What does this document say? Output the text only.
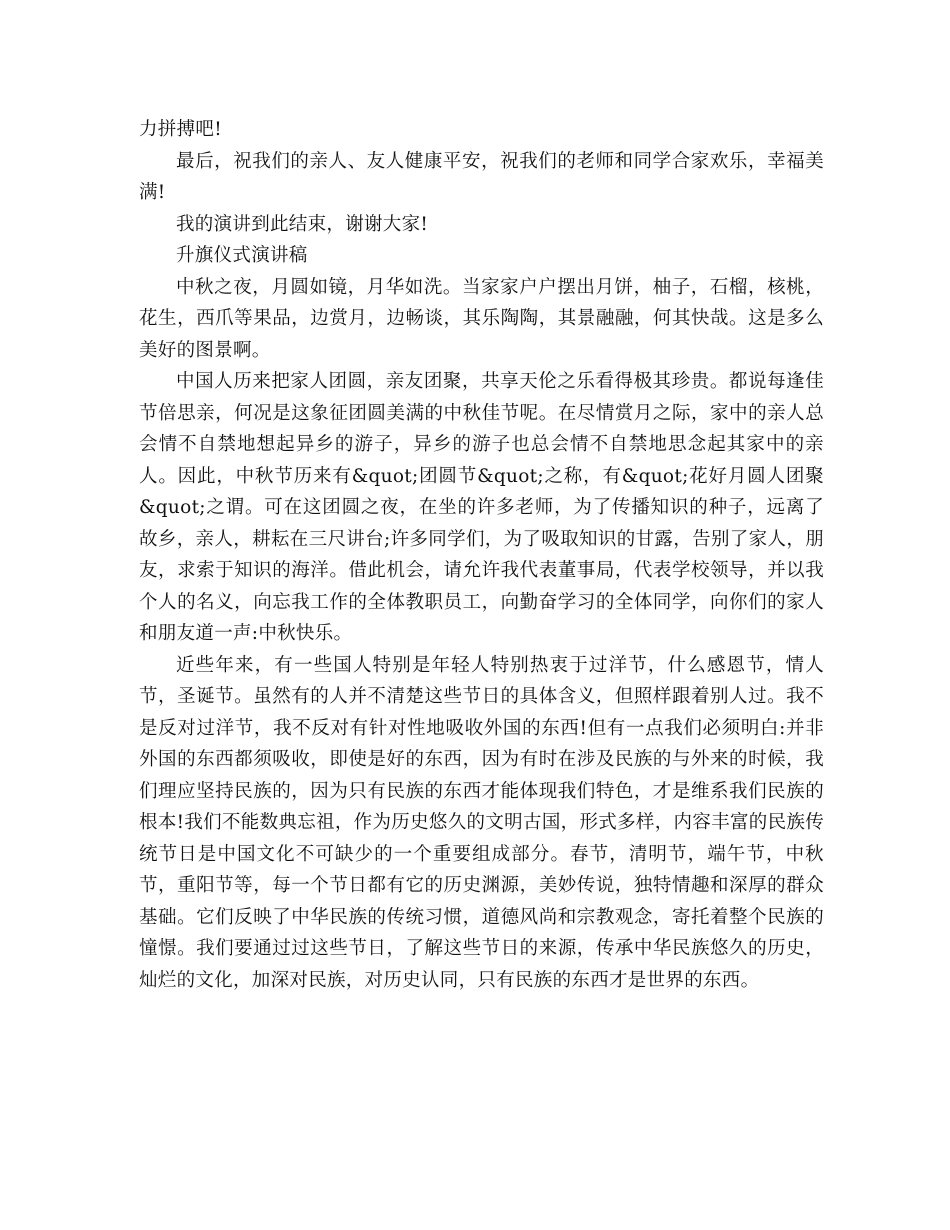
力拼搏吧!

最后，祝我们的亲人、友人健康平安，祝我们的老师和同学合家欢乐，幸福美满!

我的演讲到此结束，谢谢大家!

升旗仪式演讲稿

中秋之夜，月圆如镜，月华如洗。当家家户户摆出月饼，柚子，石榴，核桃，花生，西爪等果品，边赏月，边畅谈，其乐陶陶，其景融融，何其快哉。这是多么美好的图景啊。

中国人历来把家人团圆，亲友团聚，共享天伦之乐看得极其珍贵。都说每逢佳节倍思亲，何况是这象征团圆美满的中秋佳节呢。在尽情赏月之际，家中的亲人总会情不自禁地想起异乡的游子，异乡的游子也总会情不自禁地思念起其家中的亲人。因此，中秋节历来有&quot;团圆节&quot;之称，有&quot;花好月圆人团聚&quot;之谓。可在这团圆之夜，在坐的许多老师，为了传播知识的种子，远离了故乡，亲人，耕耘在三尺讲台;许多同学们，为了吸取知识的甘露，告别了家人，朋友，求索于知识的海洋。借此机会，请允许我代表董事局，代表学校领导，并以我个人的名义，向忘我工作的全体教职员工，向勤奋学习的全体同学，向你们的家人和朋友道一声:中秋快乐。

近些年来，有一些国人特别是年轻人特别热衷于过洋节，什么感恩节，情人节，圣诞节。虽然有的人并不清楚这些节日的具体含义，但照样跟着别人过。我不是反对过洋节，我不反对有针对性地吸收外国的东西!但有一点我们必须明白:并非外国的东西都须吸收，即使是好的东西，因为有时在涉及民族的与外来的时候，我们理应坚持民族的，因为只有民族的东西才能体现我们特色，才是维系我们民族的根本!我们不能数典忘祖，作为历史悠久的文明古国，形式多样，内容丰富的民族传统节日是中国文化不可缺少的一个重要组成部分。春节，清明节，端午节，中秋节，重阳节等，每一个节日都有它的历史渊源，美妙传说，独特情趣和深厚的群众基础。它们反映了中华民族的传统习惯，道德风尚和宗教观念，寄托着整个民族的憧憬。我们要通过过这些节日，了解这些节日的来源，传承中华民族悠久的历史，灿烂的文化，加深对民族，对历史认同，只有民族的东西才是世界的东西。
